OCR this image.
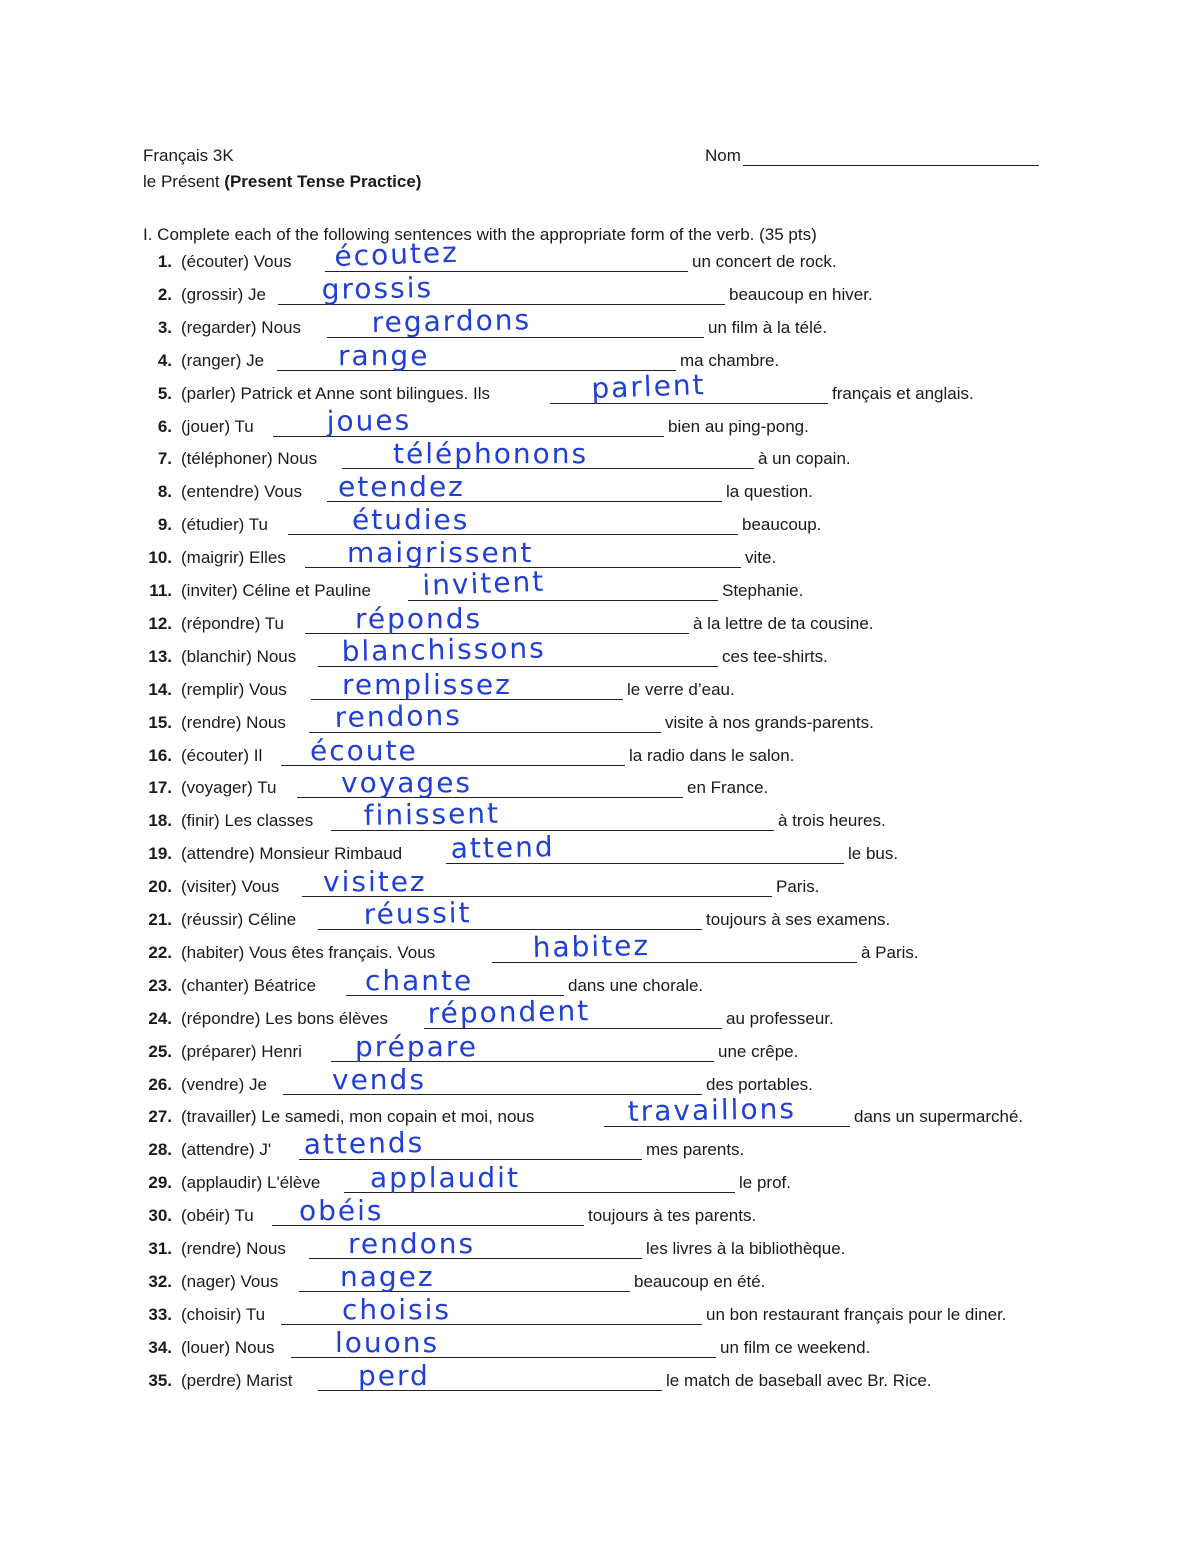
Français 3K	Nom
le Présent (Present Tense Practice)
I. Complete each of the following sentences with the appropriate form of the verb. (35 pts)
1. (écouter) Vous écoutez	un concert de rock.
2. (grossir) Je grossis	beaucoup en hiver.
3. (regarder) Nous	regardons	un film à la télé.
4. (ranger) Je	range	ma chambre.
5. (parler) Patrick et Anne sont bilingues. Ils	parlent	français et anglais.
6. (jouer) Tu	joues	bien au ping-pong.
7. (téléphoner) Nous	téléphonons	à un copain.
8. (entendre) Vous etendez	la question.
9. (étudier) Tu	étudies	beaucoup.
10. (maigrir) Elles maigrissent	vite.
11. (inviter) Céline et Pauline invitent	Stephanie.
12. (répondre) Tu	réponds	à la lettre de ta cousine.
13. (blanchir) Nous blanchissons	ces tee-shirts.
14. (remplir) Vous remplissez	le verre d’eau.
15. (rendre) Nous rendons	visite à nos grands-parents.
16. (écouter) Il écoute	la radio dans le salon.
17. (voyager) Tu voyages	en France.
18. (finir) Les classes finissent	à trois heures.
19. (attendre) Monsieur Rimbaud attend	le bus.
20. (visiter) Vous visitez	Paris.
21. (réussir) Céline réussit	toujours à ses examens.
22. (habiter) Vous êtes français. Vous	habitez	à Paris.
23. (chanter) Béatrice chante	dans une chorale.
24. (répondre) Les bons élèves répondent	au professeur.
25. (préparer) Henri prépare	une crêpe.
26. (vendre) Je vends	des portables.
27. (travailler) Le samedi, mon copain et moi, nous	travaillons	dans un supermarché.
28. (attendre) J' attends	mes parents.
29. (applaudir) L'élève applaudit	le prof.
30. (obéir) Tu obéis	toujours à tes parents.
31. (rendre) Nous rendons	les livres à la bibliothèque.
32. (nager) Vous nagez	beaucoup en été.
33. (choisir) Tu	choisis	un bon restaurant français pour le diner.
34. (louer) Nous louons	un film ce weekend.
35. (perdre) Marist perd	le match de baseball avec Br. Rice.
